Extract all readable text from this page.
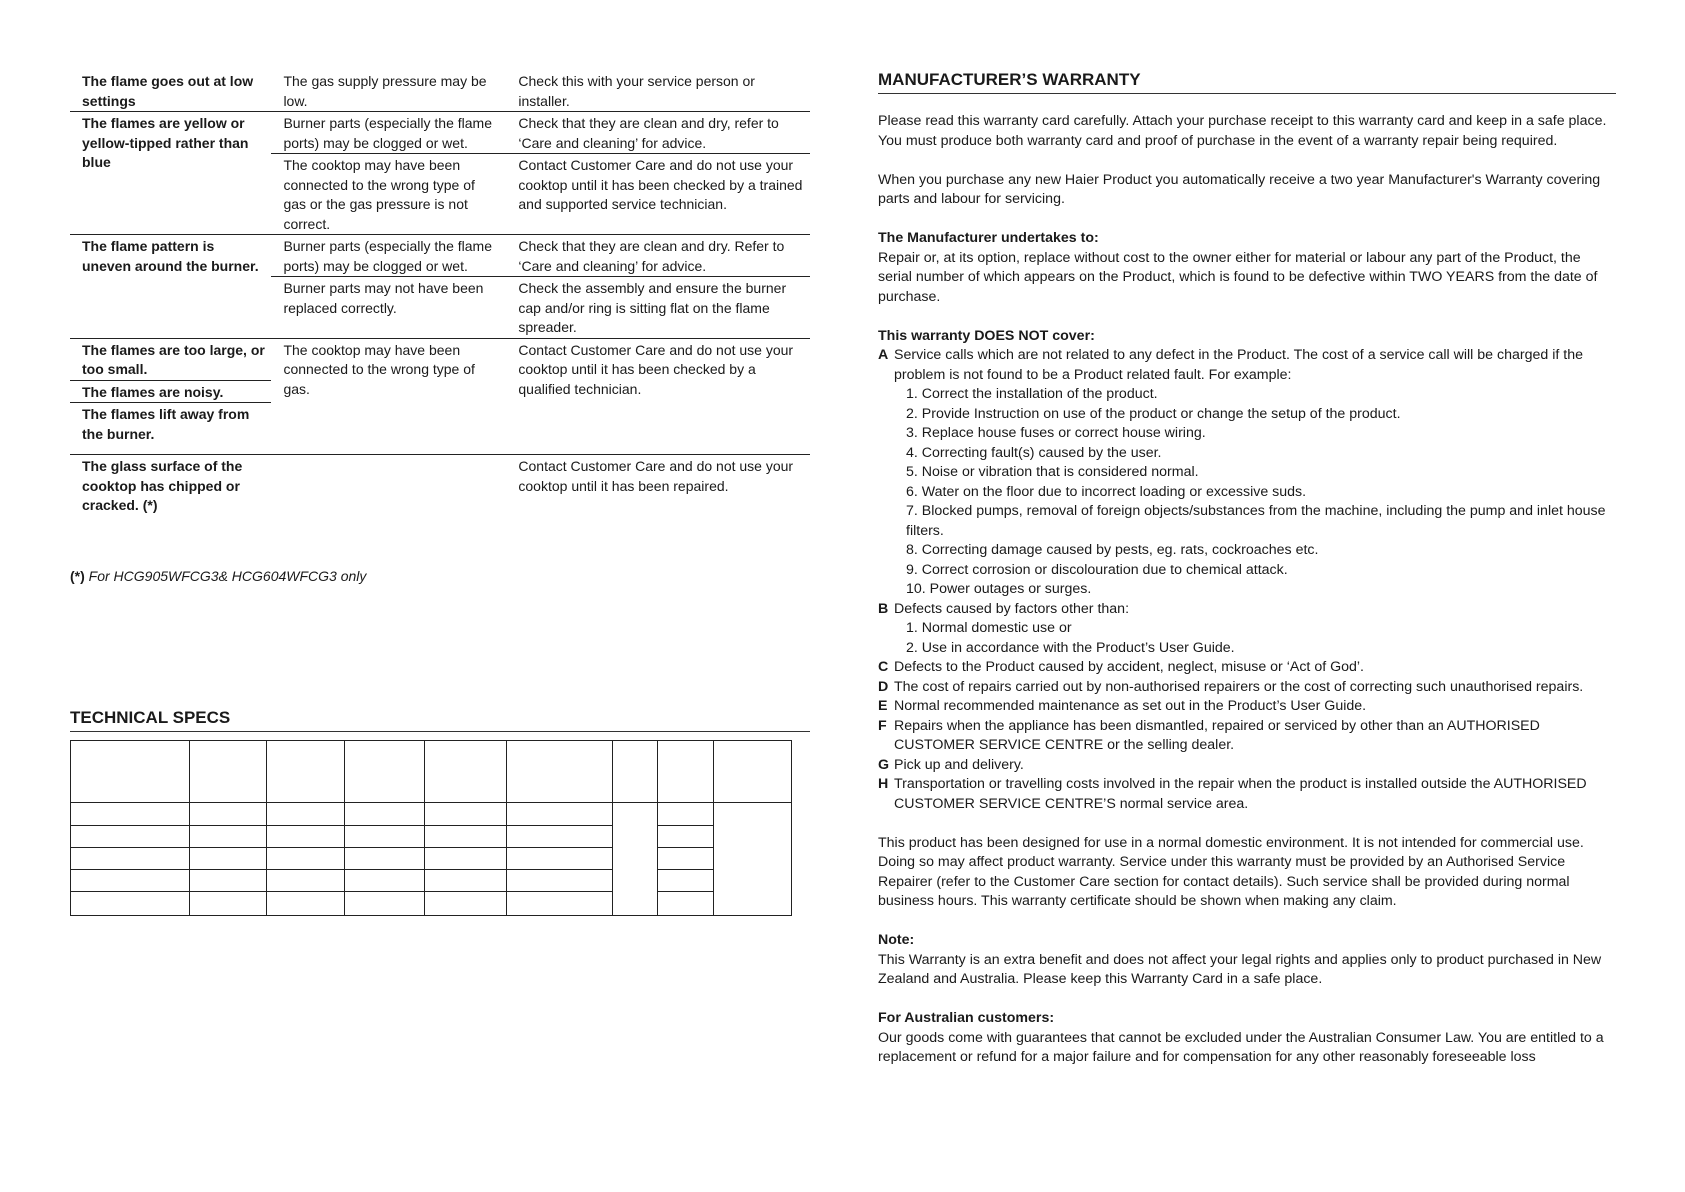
The flame goes out at low settings	The gas supply pressure may be low.	Check this with your service person or installer.
The flames are yellow or yellow-tipped rather than blue	Burner parts (especially the flame ports) may be clogged or wet.	Check that they are clean and dry, refer to ‘Care and cleaning’ for advice.
	The cooktop may have been connected to the wrong type of gas or the gas pressure is not correct.	Contact Customer Care and do not use your cooktop until it has been checked by a trained and supported service technician.
The flame pattern is uneven around the burner.	Burner parts (especially the flame ports) may be clogged or wet.	Check that they are clean and dry. Refer to ‘Care and cleaning’ for advice.
	Burner parts may not have been replaced correctly.	Check the assembly and ensure the burner cap and/or ring is sitting flat on the flame spreader.
The flames are too large, or too small.	The cooktop may have been connected to the wrong type of gas.	Contact Customer Care and do not use your cooktop until it has been checked by a qualified technician.
The flames are noisy.		
The flames lift away from the burner.		
The glass surface of the cooktop has chipped or cracked. (*)		Contact Customer Care and do not use your cooktop until it has been repaired.
(*) For HCG905WFCG3& HCG604WFCG3 only
TECHNICAL SPECS

MANUFACTURER’S WARRANTY

Please read this warranty card carefully. Attach your purchase receipt to this warranty card and keep in a safe place. You must produce both warranty card and proof of purchase in the event of a warranty repair being required.

When you purchase any new Haier Product you automatically receive a two year Manufacturer's Warranty covering parts and labour for servicing.

The Manufacturer undertakes to:

Repair or, at its option, replace without cost to the owner either for material or labour any part of the Product, the serial number of which appears on the Product, which is found to be defective within TWO YEARS from the date of purchase.

This warranty DOES NOT cover:

A Service calls which are not related to any defect in the Product. The cost of a service call will be charged if the problem is not found to be a Product related fault. For example:

1. Correct the installation of the product.

2. Provide Instruction on use of the product or change the setup of the product.

3. Replace house fuses or correct house wiring.

4. Correcting fault(s) caused by the user.

5. Noise or vibration that is considered normal.

6. Water on the floor due to incorrect loading or excessive suds.

7. Blocked pumps, removal of foreign objects/substances from the machine, including the pump and inlet house filters.

8. Correcting damage caused by pests, eg. rats, cockroaches etc.

9. Correct corrosion or discolouration due to chemical attack.

10. Power outages or surges.

B Defects caused by factors other than:

1. Normal domestic use or

2. Use in accordance with the Product’s User Guide.

C Defects to the Product caused by accident, neglect, misuse or ‘Act of God’.
D The cost of repairs carried out by non-authorised repairers or the cost of correcting such unauthorised repairs.
E Normal recommended maintenance as set out in the Product’s User Guide.
F Repairs when the appliance has been dismantled, repaired or serviced by other than an AUTHORISED CUSTOMER SERVICE CENTRE or the selling dealer.
G Pick up and delivery.
H Transportation or travelling costs involved in the repair when the product is installed outside the AUTHORISED CUSTOMER SERVICE CENTRE’S normal service area.

This product has been designed for use in a normal domestic environment. It is not intended for commercial use. Doing so may affect product warranty. Service under this warranty must be provided by an Authorised Service Repairer (refer to the Customer Care section for contact details). Such service shall be provided during normal business hours. This warranty certificate should be shown when making any claim.

Note:

This Warranty is an extra benefit and does not affect your legal rights and applies only to product purchased in New Zealand and Australia. Please keep this Warranty Card in a safe place.

For Australian customers:

Our goods come with guarantees that cannot be excluded under the Australian Consumer Law. You are entitled to a replacement or refund for a major failure and for compensation for any other reasonably foreseeable loss
